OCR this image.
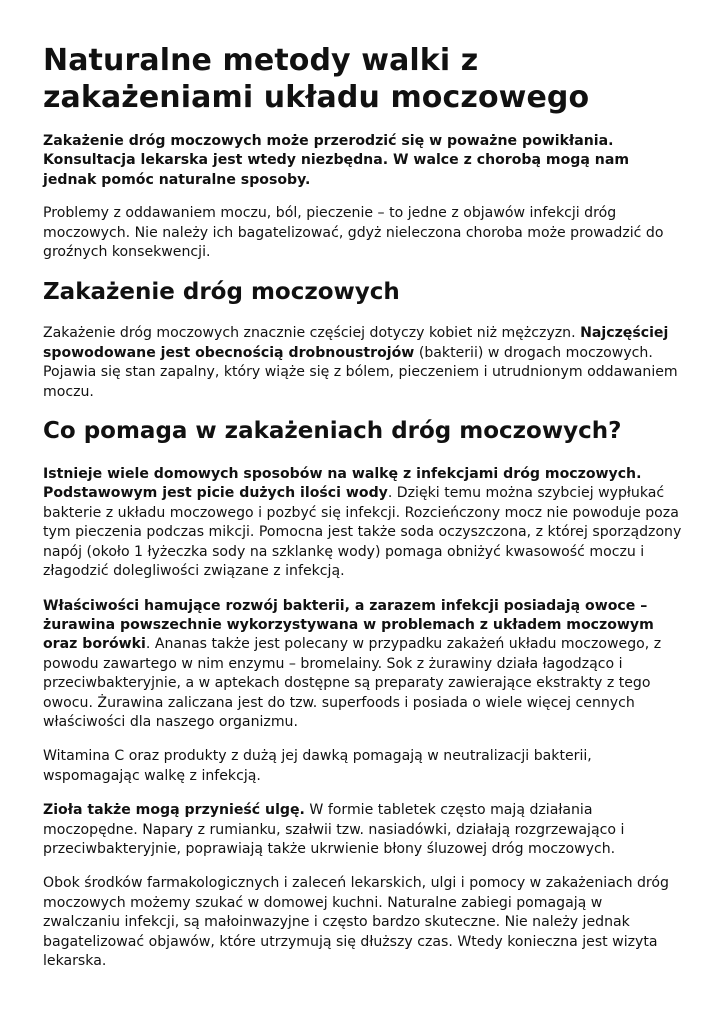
Naturalne metody walki z zakażeniami układu moczowego

Zakażenie dróg moczowych może przerodzić się w poważne powikłania. Konsultacja lekarska jest wtedy niezbędna. W walce z chorobą mogą nam jednak pomóc naturalne sposoby.

Problemy z oddawaniem moczu, ból, pieczenie – to jedne z objawów infekcji dróg moczowych. Nie należy ich bagatelizować, gdyż nieleczona choroba może prowadzić do groźnych konsekwencji.

Zakażenie dróg moczowych

Zakażenie dróg moczowych znacznie częściej dotyczy kobiet niż mężczyzn. Najczęściej spowodowane jest obecnością drobnoustrojów (bakterii) w drogach moczowych. Pojawia się stan zapalny, który wiąże się z bólem, pieczeniem i utrudnionym oddawaniem moczu.

Co pomaga w zakażeniach dróg moczowych?

Istnieje wiele domowych sposobów na walkę z infekcjami dróg moczowych. Podstawowym jest picie dużych ilości wody. Dzięki temu można szybciej wypłukać bakterie z układu moczowego i pozbyć się infekcji. Rozcieńczony mocz nie powoduje poza tym pieczenia podczas mikcji. Pomocna jest także soda oczyszczona, z której sporządzony napój (około 1 łyżeczka sody na szklankę wody) pomaga obniżyć kwasowość moczu i złagodzić dolegliwości związane z infekcją.

Właściwości hamujące rozwój bakterii, a zarazem infekcji posiadają owoce – żurawina powszechnie wykorzystywana w problemach z układem moczowym oraz borówki. Ananas także jest polecany w przypadku zakażeń układu moczowego, z powodu zawartego w nim enzymu – bromelainy. Sok z żurawiny działa łagodząco i przeciwbakteryjnie, a w aptekach dostępne są preparaty zawierające ekstrakty z tego owocu. Żurawina zaliczana jest do tzw. superfoods i posiada o wiele więcej cennych właściwości dla naszego organizmu.

Witamina C oraz produkty z dużą jej dawką pomagają w neutralizacji bakterii, wspomagając walkę z infekcją.

Zioła także mogą przynieść ulgę. W formie tabletek często mają działania moczopędne. Napary z rumianku, szałwii tzw. nasiadówki, działają rozgrzewająco i przeciwbakteryjnie, poprawiają także ukrwienie błony śluzowej dróg moczowych.

Obok środków farmakologicznych i zaleceń lekarskich, ulgi i pomocy w zakażeniach dróg moczowych możemy szukać w domowej kuchni. Naturalne zabiegi pomagają w zwalczaniu infekcji, są małoinwazyjne i często bardzo skuteczne. Nie należy jednak bagatelizować objawów, które utrzymują się dłuższy czas. Wtedy konieczna jest wizyta lekarska.
